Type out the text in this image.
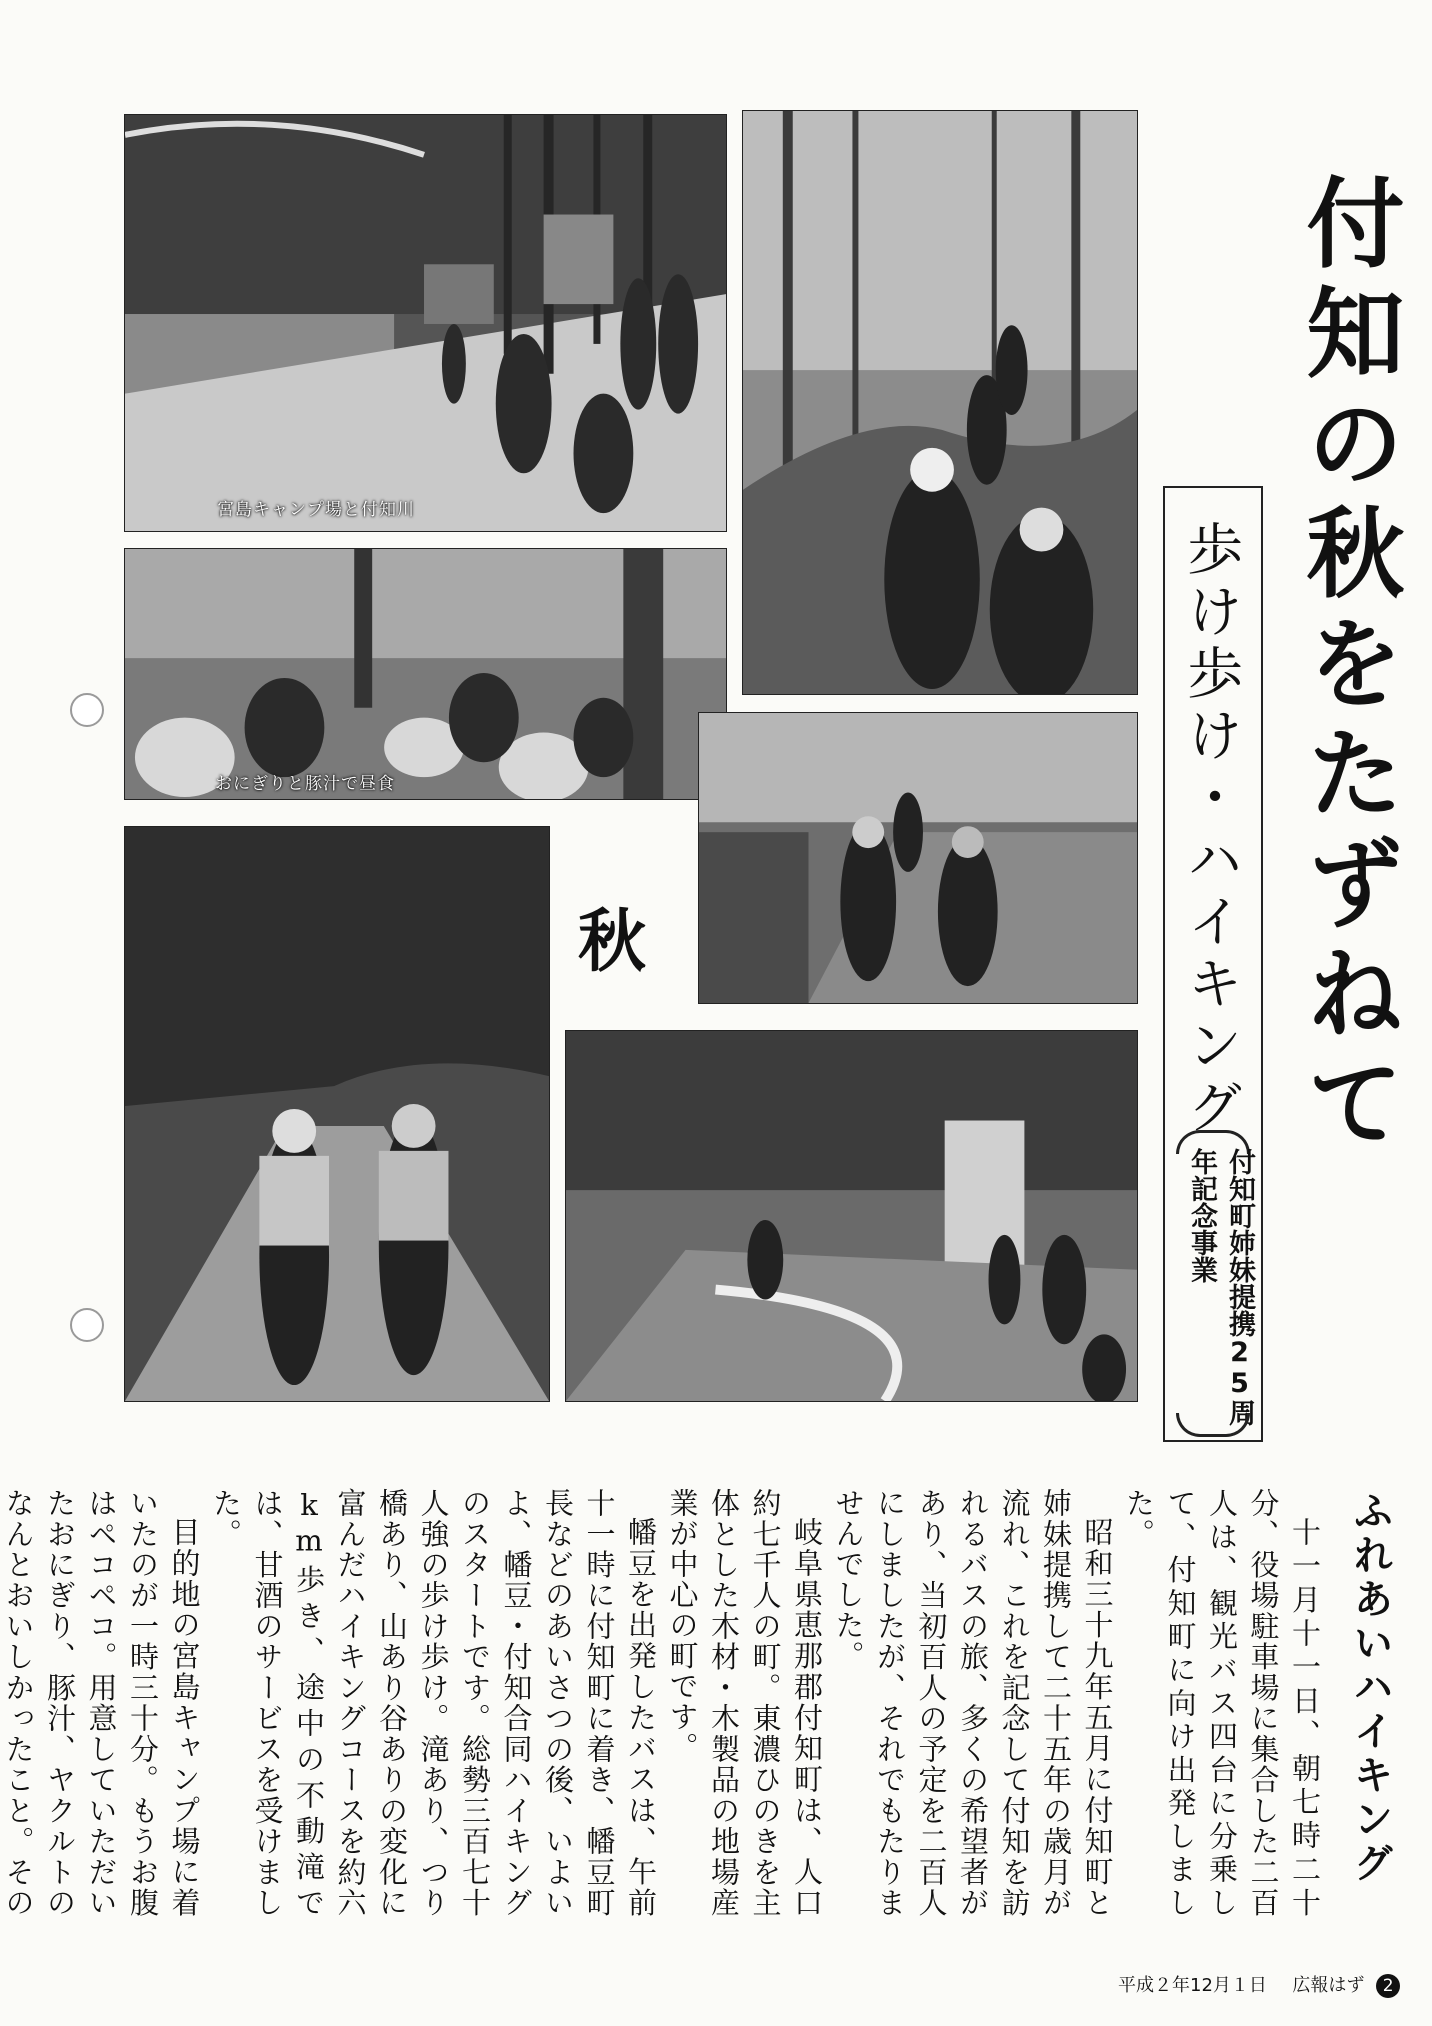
宮島キャンプ場と付知川
おにぎりと豚汁で昼食
秋	付知の秋をたずねて
歩け歩け・ハイキング
付知町姉妹提携25周年記念事業
ふれあいハイキング

十一月十一日、朝七時二十分、役場駐車場に集合した二百人は、観光バス四台に分乗して、付知町に向け出発しました。

昭和三十九年五月に付知町と姉妹提携して二十五年の歳月が流れ、これを記念して付知を訪れるバスの旅、多くの希望者があり、当初百人の予定を二百人にしましたが、それでもたりませんでした。

岐阜県恵那郡付知町は、人口約七千人の町。東濃ひのきを主体とした木材・木製品の地場産業が中心の町です。

幡豆を出発したバスは、午前十一時に付知町に着き、幡豆町長などのあいさつの後、いよいよ、幡豆・付知合同ハイキングのスタートです。総勢三百七十人強の歩け歩け。滝あり、つり橋あり、山あり谷ありの変化に富んだハイキングコースを約六km歩き、途中の不動滝では、甘酒のサービスを受けました。

目的地の宮島キャンプ場に着いたのが一時三十分。もうお腹はペコペコ。用意していただいたおにぎり、豚汁、ヤクルトのなんとおいしかったこと。その

平成２年12月１日 広報はず 2
